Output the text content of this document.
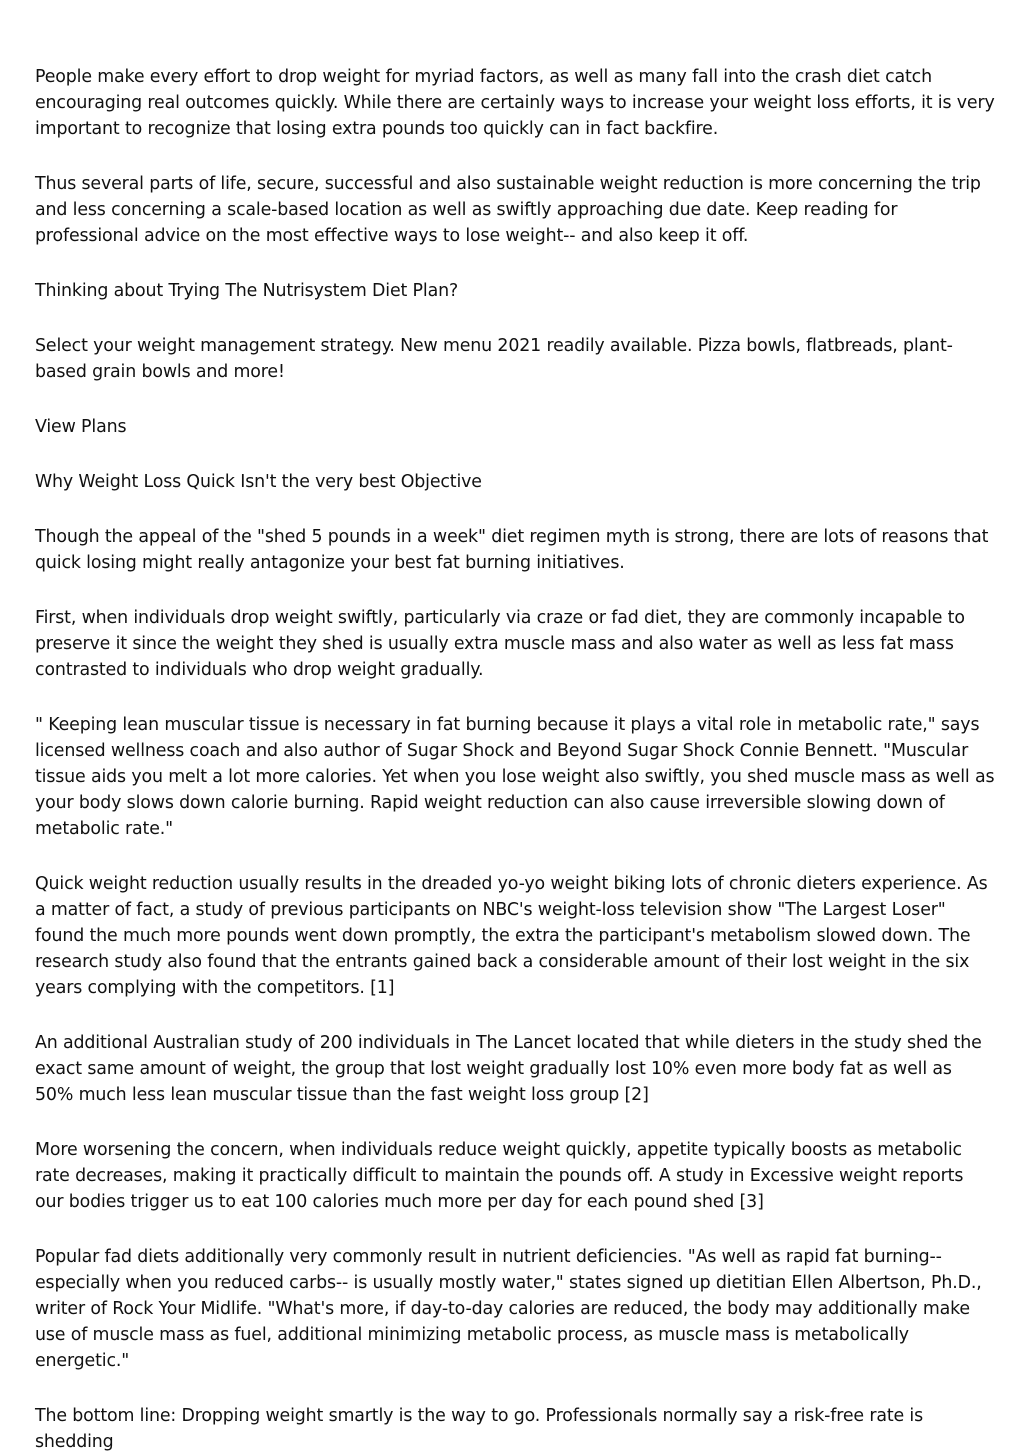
People make every effort to drop weight for myriad factors, as well as many fall into the crash diet catch encouraging real outcomes quickly. While there are certainly ways to increase your weight loss efforts, it is very important to recognize that losing extra pounds too quickly can in fact backfire.

Thus several parts of life, secure, successful and also sustainable weight reduction is more concerning the trip and less concerning a scale-based location as well as swiftly approaching due date. Keep reading for professional advice on the most effective ways to lose weight-- and also keep it off.

Thinking about Trying The Nutrisystem Diet Plan?

Select your weight management strategy. New menu 2021 readily available. Pizza bowls, flatbreads, plant-based grain bowls and more!

View Plans

Why Weight Loss Quick Isn't the very best Objective

Though the appeal of the "shed 5 pounds in a week" diet regimen myth is strong, there are lots of reasons that quick losing might really antagonize your best fat burning initiatives.

First, when individuals drop weight swiftly, particularly via craze or fad diet, they are commonly incapable to preserve it since the weight they shed is usually extra muscle mass and also water as well as less fat mass contrasted to individuals who drop weight gradually.

" Keeping lean muscular tissue is necessary in fat burning because it plays a vital role in metabolic rate," says licensed wellness coach and also author of Sugar Shock and Beyond Sugar Shock Connie Bennett. "Muscular tissue aids you melt a lot more calories. Yet when you lose weight also swiftly, you shed muscle mass as well as your body slows down calorie burning. Rapid weight reduction can also cause irreversible slowing down of metabolic rate."

Quick weight reduction usually results in the dreaded yo-yo weight biking lots of chronic dieters experience. As a matter of fact, a study of previous participants on NBC's weight-loss television show "The Largest Loser" found the much more pounds went down promptly, the extra the participant's metabolism slowed down. The research study also found that the entrants gained back a considerable amount of their lost weight in the six years complying with the competitors. [1]

An additional Australian study of 200 individuals in The Lancet located that while dieters in the study shed the exact same amount of weight, the group that lost weight gradually lost 10% even more body fat as well as 50% much less lean muscular tissue than the fast weight loss group [2]

More worsening the concern, when individuals reduce weight quickly, appetite typically boosts as metabolic rate decreases, making it practically difficult to maintain the pounds off. A study in Excessive weight reports our bodies trigger us to eat 100 calories much more per day for each pound shed [3]

Popular fad diets additionally very commonly result in nutrient deficiencies. "As well as rapid fat burning-- especially when you reduced carbs-- is usually mostly water," states signed up dietitian Ellen Albertson, Ph.D., writer of Rock Your Midlife. "What's more, if day-to-day calories are reduced, the body may additionally make use of muscle mass as fuel, additional minimizing metabolic process, as muscle mass is metabolically energetic."

The bottom line: Dropping weight smartly is the way to go. Professionals normally say a risk-free rate is shedding
